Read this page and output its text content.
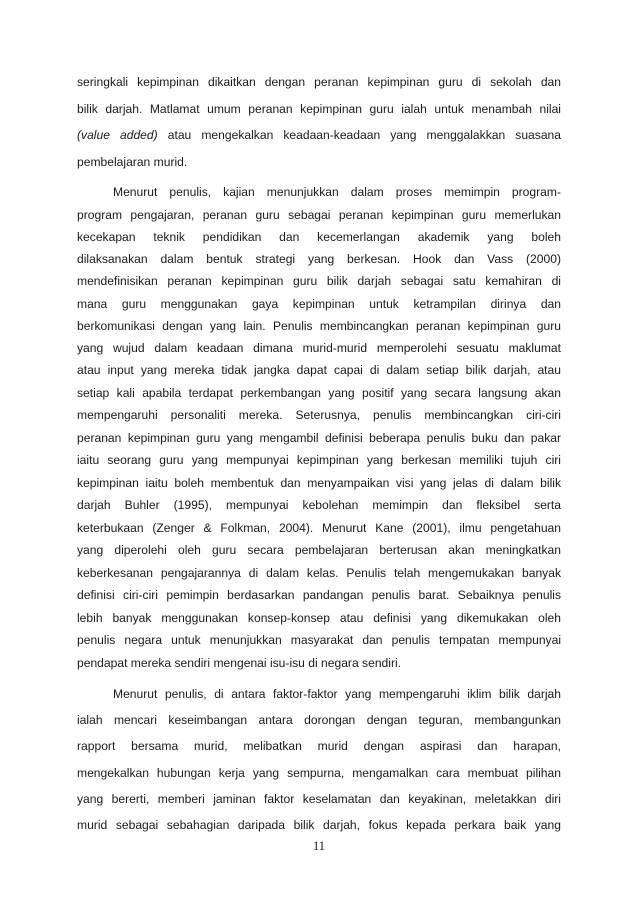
seringkali kepimpinan dikaitkan dengan peranan kepimpinan guru di sekolah dan
bilik darjah. Matlamat umum peranan kepimpinan guru ialah untuk menambah nilai
(value added) atau mengekalkan keadaan-keadaan yang menggalakkan suasana
pembelajaran murid.
Menurut penulis, kajian menunjukkan dalam proses memimpin program-
program pengajaran, peranan guru sebagai peranan kepimpinan guru memerlukan
kecekapan teknik pendidikan dan kecemerlangan akademik yang boleh
dilaksanakan dalam bentuk strategi yang berkesan. Hook dan Vass (2000)
mendefinisikan peranan kepimpinan guru bilik darjah sebagai satu kemahiran di
mana guru menggunakan gaya kepimpinan untuk ketrampilan dirinya dan
berkomunikasi dengan yang lain. Penulis membincangkan peranan kepimpinan guru
yang wujud dalam keadaan dimana murid-murid memperolehi sesuatu maklumat
atau input yang mereka tidak jangka dapat capai di dalam setiap bilik darjah, atau
setiap kali apabila terdapat perkembangan yang positif yang secara langsung akan
mempengaruhi personaliti mereka. Seterusnya, penulis membincangkan ciri-ciri
peranan kepimpinan guru yang mengambil definisi beberapa penulis buku dan pakar
iaitu seorang guru yang mempunyai kepimpinan yang berkesan memiliki tujuh ciri
kepimpinan iaitu boleh membentuk dan menyampaikan visi yang jelas di dalam bilik
darjah Buhler (1995), mempunyai kebolehan memimpin dan fleksibel serta
keterbukaan (Zenger & Folkman, 2004). Menurut Kane (2001), ilmu pengetahuan
yang diperolehi oleh guru secara pembelajaran berterusan akan meningkatkan
keberkesanan pengajarannya di dalam kelas. Penulis telah mengemukakan banyak
definisi ciri-ciri pemimpin berdasarkan pandangan penulis barat. Sebaiknya penulis
lebih banyak menggunakan konsep-konsep atau definisi yang dikemukakan oleh
penulis negara untuk menunjukkan masyarakat dan penulis tempatan mempunyai
pendapat mereka sendiri mengenai isu-isu di negara sendiri.
Menurut penulis, di antara faktor-faktor yang mempengaruhi iklim bilik darjah
ialah mencari keseimbangan antara dorongan dengan teguran, membangunkan
rapport bersama murid, melibatkan murid dengan aspirasi dan harapan,
mengekalkan hubungan kerja yang sempurna, mengamalkan cara membuat pilihan
yang bererti, memberi jaminan faktor keselamatan dan keyakinan, meletakkan diri
murid sebagai sebahagian daripada bilik darjah, fokus kepada perkara baik yang
11
